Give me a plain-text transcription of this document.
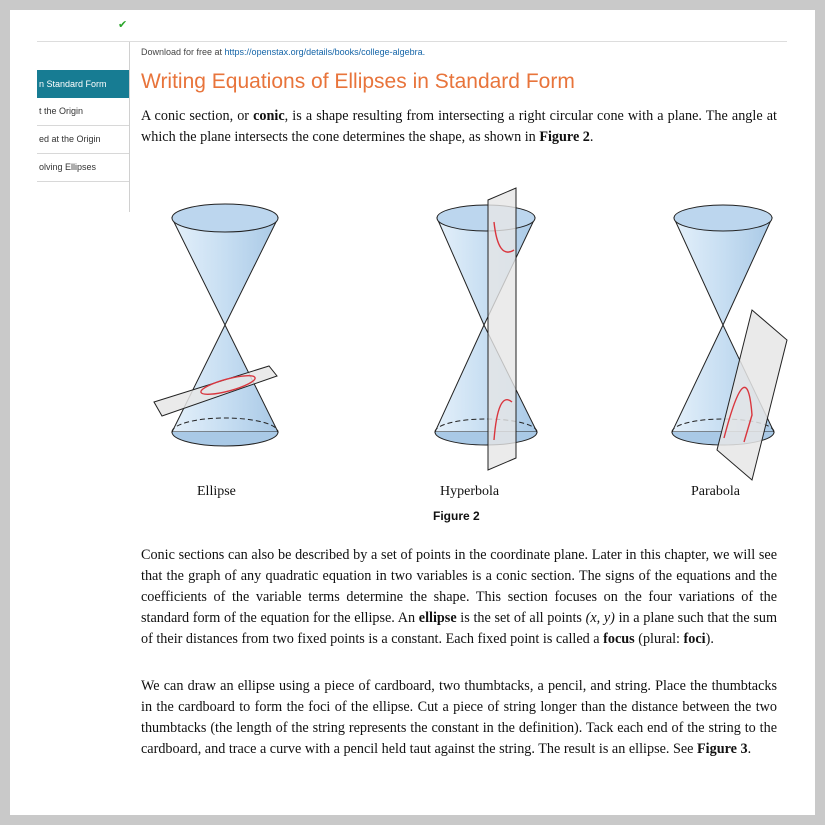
✔
n Standard Form
t the Origin
ed at the Origin
olving Ellipses
Download for free at https://openstax.org/details/books/college-algebra.
Writing Equations of Ellipses in Standard Form

A conic section, or conic, is a shape resulting from intersecting a right circular cone with a plane. The angle at which the plane intersects the cone determines the shape, as shown in Figure 2.

Ellipse	Hyperbola	Parabola
Figure 2

Conic sections can also be described by a set of points in the coordinate plane. Later in this chapter, we will see that the graph of any quadratic equation in two variables is a conic section. The signs of the equations and the coefficients of the variable terms determine the shape. This section focuses on the four variations of the standard form of the equation for the ellipse. An ellipse is the set of all points (x, y) in a plane such that the sum of their distances from two fixed points is a constant. Each fixed point is called a focus (plural: foci).

We can draw an ellipse using a piece of cardboard, two thumbtacks, a pencil, and string. Place the thumbtacks in the cardboard to form the foci of the ellipse. Cut a piece of string longer than the distance between the two thumbtacks (the length of the string represents the constant in the definition). Tack each end of the string to the cardboard, and trace a curve with a pencil held taut against the string. The result is an ellipse. See Figure 3.
